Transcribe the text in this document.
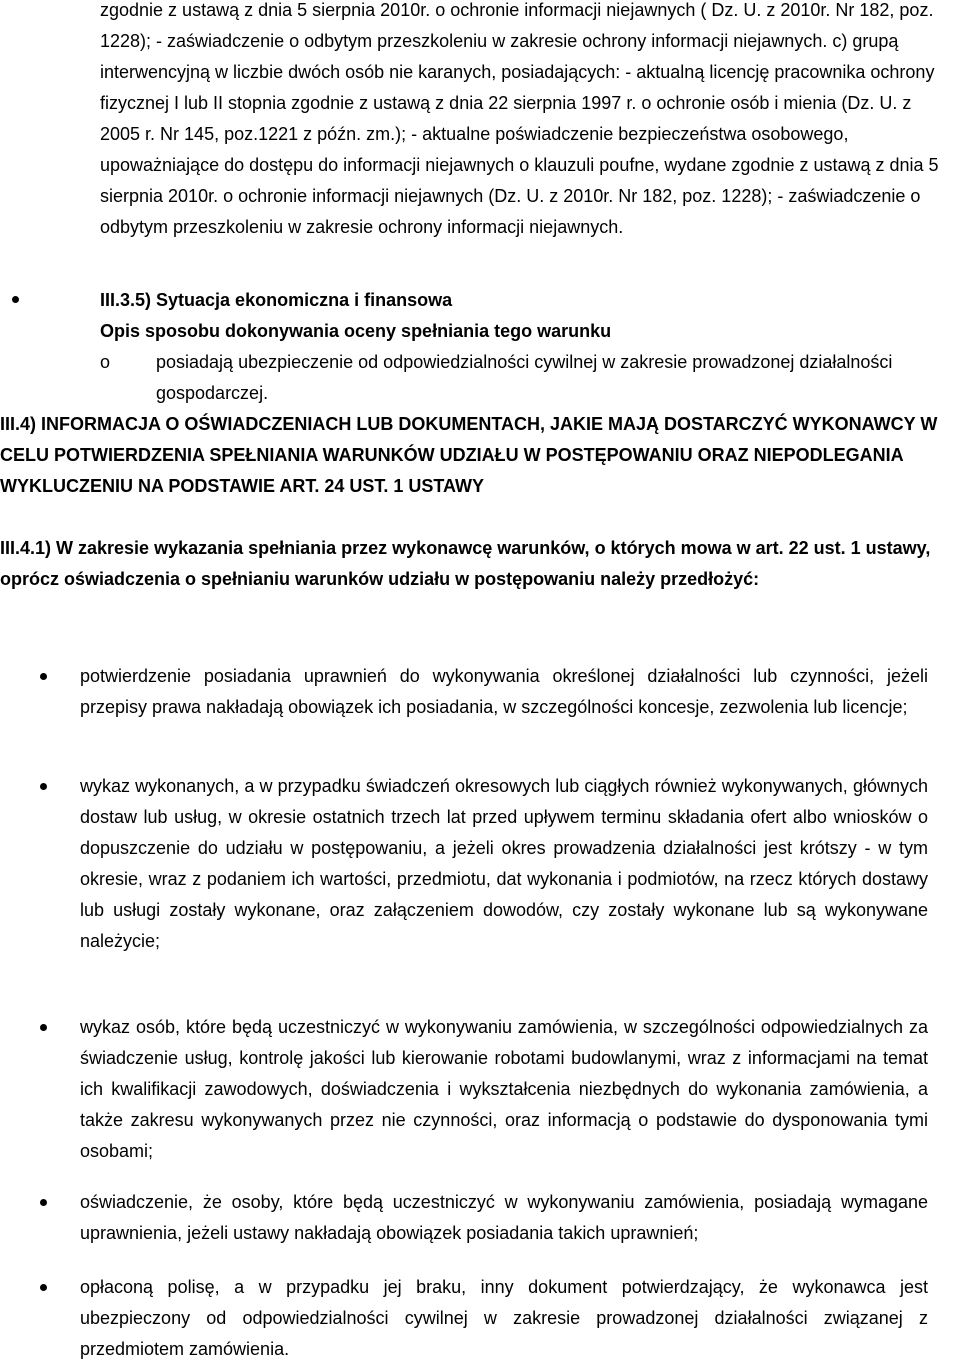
zgodnie z ustawą z dnia 5 sierpnia 2010r. o ochronie informacji niejawnych ( Dz. U. z 2010r. Nr 182, poz. 1228); - zaświadczenie o odbytym przeszkoleniu w zakresie ochrony informacji niejawnych. c) grupą interwencyjną w liczbie dwóch osób nie karanych, posiadających: - aktualną licencję pracownika ochrony fizycznej I lub II stopnia zgodnie z ustawą z dnia 22 sierpnia 1997 r. o ochronie osób i mienia (Dz. U. z 2005 r. Nr 145, poz.1221 z późn. zm.); - aktualne poświadczenie bezpieczeństwa osobowego, upoważniające do dostępu do informacji niejawnych o klauzuli poufne, wydane zgodnie z ustawą z dnia 5 sierpnia 2010r. o ochronie informacji niejawnych (Dz. U. z 2010r. Nr 182, poz. 1228); - zaświadczenie o odbytym przeszkoleniu w zakresie ochrony informacji niejawnych.

III.3.5) Sytuacja ekonomiczna i finansowa
Opis sposobu dokonywania oceny spełniania tego warunku
o	posiadają ubezpieczenie od odpowiedzialności cywilnej w zakresie prowadzonej działalności gospodarczej.
III.4) INFORMACJA O OŚWIADCZENIACH LUB DOKUMENTACH, JAKIE MAJĄ DOSTARCZYĆ WYKONAWCY W CELU POTWIERDZENIA SPEŁNIANIA WARUNKÓW UDZIAŁU W POSTĘPOWANIU ORAZ NIEPODLEGANIA WYKLUCZENIU NA PODSTAWIE ART. 24 UST. 1 USTAWY
III.4.1) W zakresie wykazania spełniania przez wykonawcę warunków, o których mowa w art. 22 ust. 1 ustawy, oprócz oświadczenia o spełnianiu warunków udziału w postępowaniu należy przedłożyć:

potwierdzenie posiadania uprawnień do wykonywania określonej działalności lub czynności, jeżeli przepisy prawa nakładają obowiązek ich posiadania, w szczególności koncesje, zezwolenia lub licencje;

wykaz wykonanych, a w przypadku świadczeń okresowych lub ciągłych również wykonywanych, głównych dostaw lub usług, w okresie ostatnich trzech lat przed upływem terminu składania ofert albo wniosków o dopuszczenie do udziału w postępowaniu, a jeżeli okres prowadzenia działalności jest krótszy - w tym okresie, wraz z podaniem ich wartości, przedmiotu, dat wykonania i podmiotów, na rzecz których dostawy lub usługi zostały wykonane, oraz załączeniem dowodów, czy zostały wykonane lub są wykonywane należycie;

wykaz osób, które będą uczestniczyć w wykonywaniu zamówienia, w szczególności odpowiedzialnych za świadczenie usług, kontrolę jakości lub kierowanie robotami budowlanymi, wraz z informacjami na temat ich kwalifikacji zawodowych, doświadczenia i wykształcenia niezbędnych do wykonania zamówienia, a także zakresu wykonywanych przez nie czynności, oraz informacją o podstawie do dysponowania tymi osobami;

oświadczenie, że osoby, które będą uczestniczyć w wykonywaniu zamówienia, posiadają wymagane uprawnienia, jeżeli ustawy nakładają obowiązek posiadania takich uprawnień;

opłaconą polisę, a w przypadku jej braku, inny dokument potwierdzający, że wykonawca jest ubezpieczony od odpowiedzialności cywilnej w zakresie prowadzonej działalności związanej z przedmiotem zamówienia.
